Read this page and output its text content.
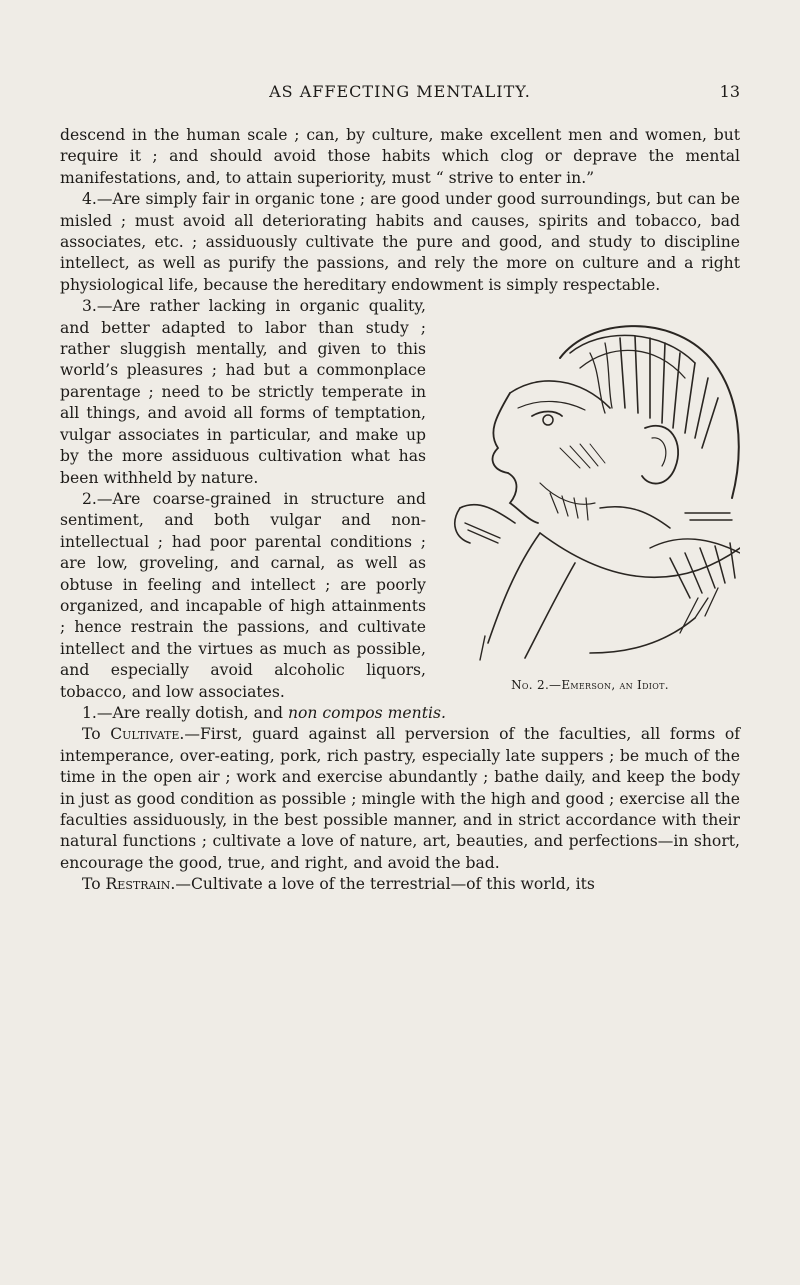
AS AFFECTING MENTALITY.	13

descend in the human scale ; can, by culture, make excellent men and women, but require it ; and should avoid those habits which clog or deprave the mental manifestations, and, to attain superiority, must “ strive to enter in.”

4.—Are simply fair in organic tone ; are good under good surroundings, but can be misled ; must avoid all deteriorating habits and causes, spirits and tobacco, bad associates, etc. ; assiduously cultivate the pure and good, and study to discipline intellect, as well as purify the passions, and rely the more on culture and a right physiological life, because the hereditary endowment is simply respectable.

No. 2.—Emerson, an Idiot.

3.—Are rather lacking in organic quality, and better adapted to labor than study ; rather sluggish mentally, and given to this world’s pleasures ; had but a commonplace parentage ; need to be strictly temperate in all things, and avoid all forms of temptation, vulgar associates in particular, and make up by the more assiduous cultivation what has been withheld by nature.

2.—Are coarse-grained in structure and sentiment, and both vulgar and non-intellectual ; had poor parental conditions ; are low, groveling, and carnal, as well as obtuse in feeling and intellect ; are poorly organized, and incapable of high attainments ; hence restrain the passions, and cultivate intellect and the virtues as much as possible, and especially avoid alcoholic liquors, tobacco, and low associates.

1.—Are really dotish, and non compos mentis.

To Cultivate.—First, guard against all perversion of the faculties, all forms of intemperance, over-eating, pork, rich pastry, especially late suppers ; be much of the time in the open air ; work and exercise abundantly ; bathe daily, and keep the body in just as good condition as possible ; mingle with the high and good ; exercise all the faculties assiduously, in the best possible manner, and in strict accordance with their natural functions ; cultivate a love of nature, art, beauties, and perfections—in short, encourage the good, true, and right, and avoid the bad.

To Restrain.—Cultivate a love of the terrestrial—of this world, its
